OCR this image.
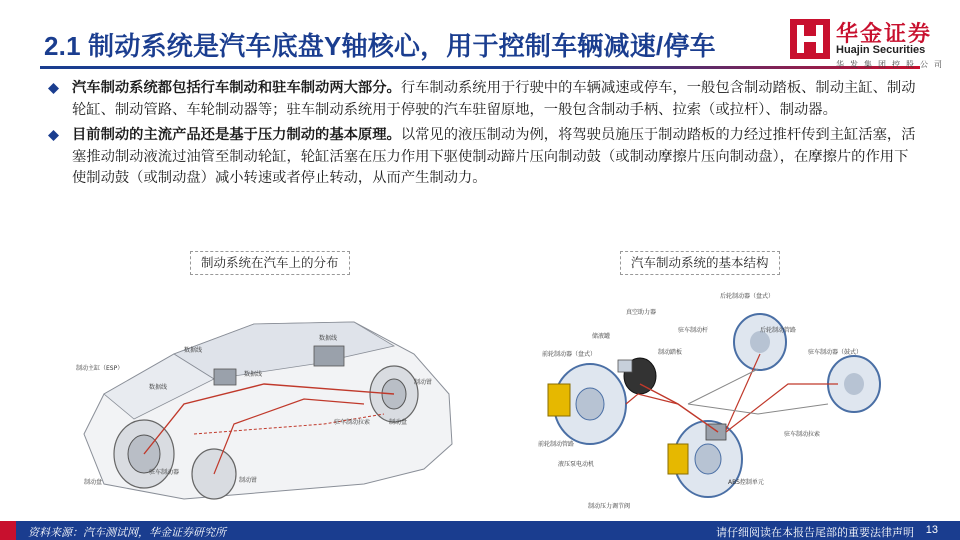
2.1 制动系统是汽车底盘Y轴核心，用于控制车辆减速/停车	华金证券
Huajin Securities
华发集团控股公司
汽车制动系统都包括行车制动和驻车制动两大部分。行车制动系统用于行驶中的车辆减速或停车，一般包含制动踏板、制动主缸、制动轮缸、制动管路、车轮制动器等；驻车制动系统用于停驶的汽车驻留原地，一般包含制动手柄、拉索（或拉杆）、制动器。
目前制动的主流产品还是基于压力制动的基本原理。以常见的液压制动为例，将驾驶员施压于制动踏板的力经过推杆传到主缸活塞，活塞推动制动液流过油管至制动轮缸，轮缸活塞在压力作用下驱使制动蹄片压向制动鼓（或制动摩擦片压向制动盘），在摩擦片的作用下使制动鼓（或制动盘）减小转速或者停止转动，从而产生制动力。
制动系统在汽车上的分布	汽车制动系统的基本结构
制动主缸（ESP）
数据线
数据线
数据线
数据线
驻车制动拉索	制动盘
制动钳
驻车制动器
制动盘	制动钳
后轮制动器（盘式）
真空助力器
储液罐
驻车制动杆	后轮制动管路
制动踏板
前轮制动器（盘式）	驻车制动器（鼓式）
前轮制动管路
驻车制动拉索
液压泵电动机
ABS控制单元
制动压力调节阀
资料来源：汽车测试网，华金证券研究所	请仔细阅读在本报告尾部的重要法律声明 13
